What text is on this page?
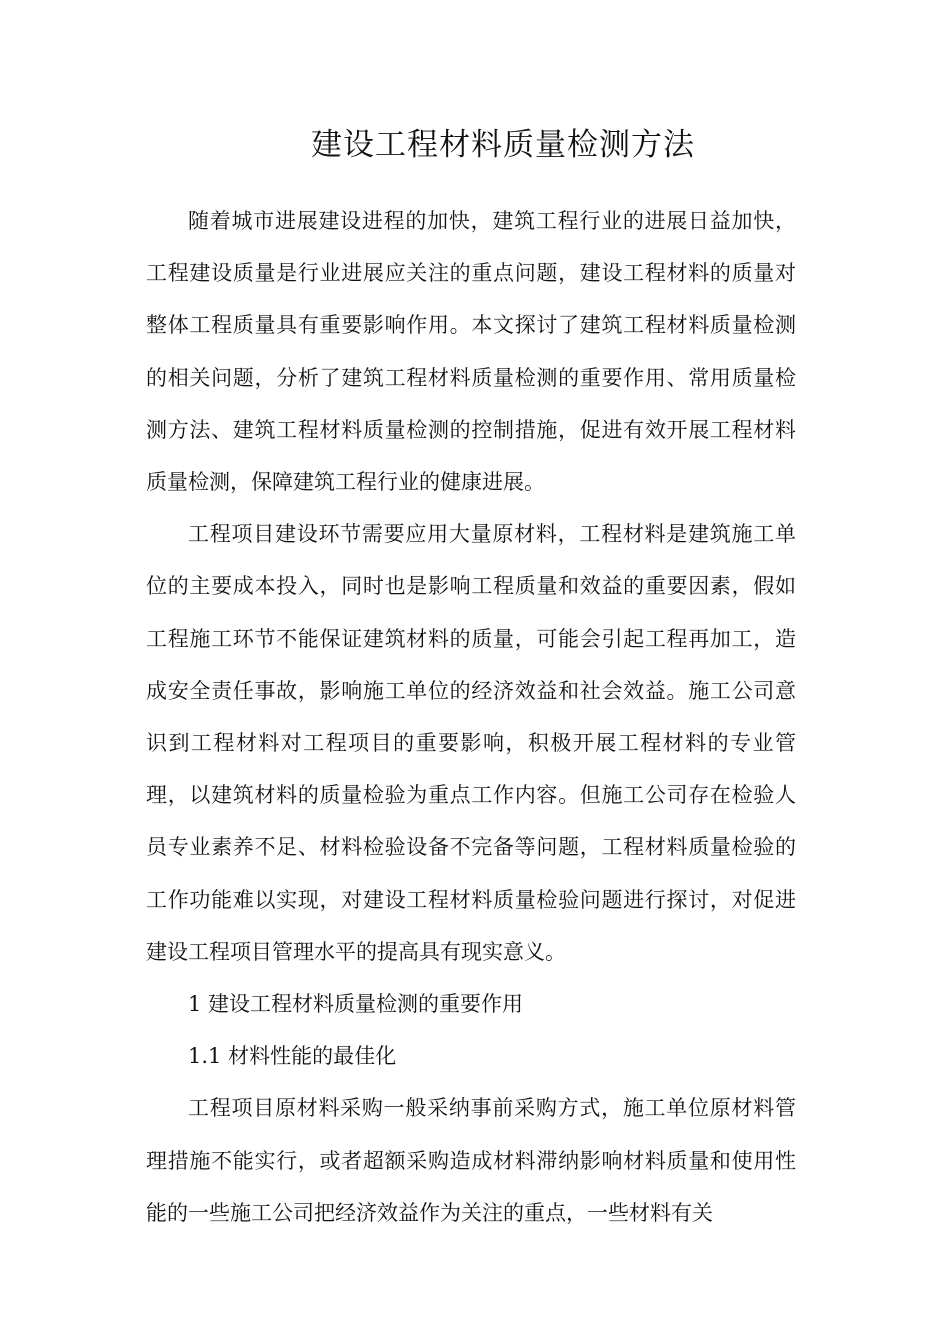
建设工程材料质量检测方法

随着城市进展建设进程的加快，建筑工程行业的进展日益加快，工程建设质量是行业进展应关注的重点问题，建设工程材料的质量对整体工程质量具有重要影响作用。本文探讨了建筑工程材料质量检测的相关问题，分析了建筑工程材料质量检测的重要作用、常用质量检测方法、建筑工程材料质量检测的控制措施，促进有效开展工程材料质量检测，保障建筑工程行业的健康进展。

工程项目建设环节需要应用大量原材料，工程材料是建筑施工单位的主要成本投入，同时也是影响工程质量和效益的重要因素，假如工程施工环节不能保证建筑材料的质量，可能会引起工程再加工，造成安全责任事故，影响施工单位的经济效益和社会效益。施工公司意识到工程材料对工程项目的重要影响，积极开展工程材料的专业管理，以建筑材料的质量检验为重点工作内容。但施工公司存在检验人员专业素养不足、材料检验设备不完备等问题，工程材料质量检验的工作功能难以实现，对建设工程材料质量检验问题进行探讨，对促进建设工程项目管理水平的提高具有现实意义。

1 建设工程材料质量检测的重要作用

1.1 材料性能的最佳化

工程项目原材料采购一般采纳事前采购方式，施工单位原材料管理措施不能实行，或者超额采购造成材料滞纳影响材料质量和使用性能的一些施工公司把经济效益作为关注的重点，一些材料有关
